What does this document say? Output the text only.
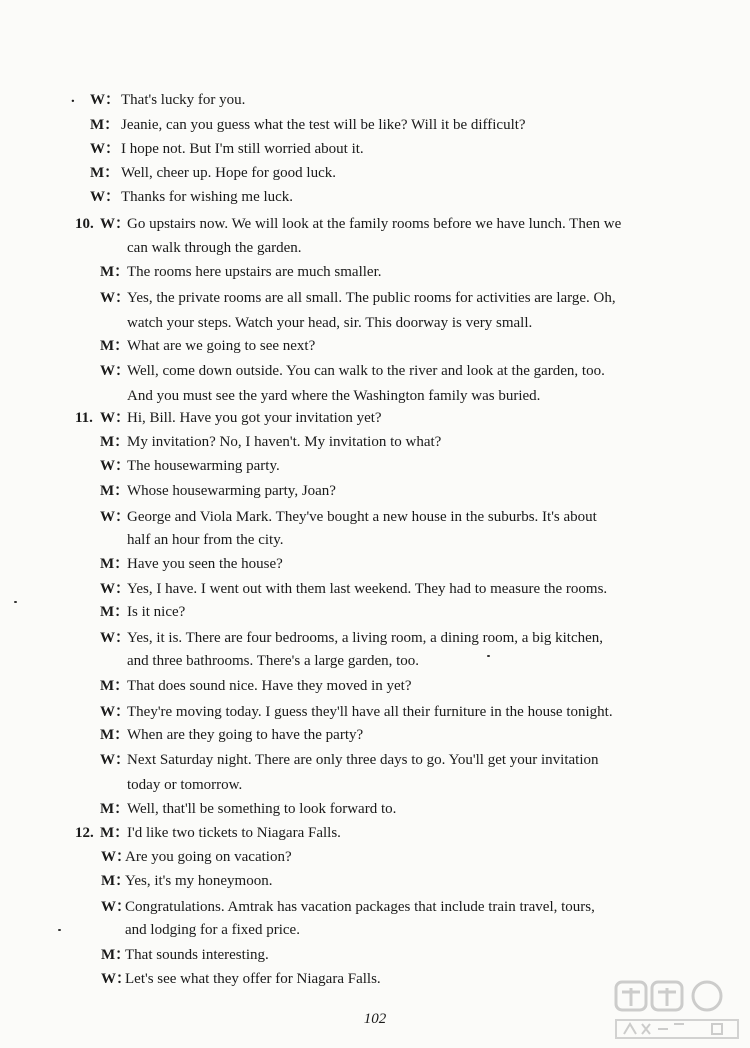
. W： That's lucky for you.
M： Jeanie, can you guess what the test will be like? Will it be difficult?
W： I hope not. But I'm still worried about it.
M： Well, cheer up. Hope for good luck.
W： Thanks for wishing me luck.
10. W：
Go upstairs now. We will look at the family rooms before we have lunch. Then we
can walk through the garden.
M：
The rooms here upstairs are much smaller.
W：
Yes, the private rooms are all small. The public rooms for activities are large. Oh,
watch your steps. Watch your head, sir. This doorway is very small.
M：
What are we going to see next?
W：
Well, come down outside. You can walk to the river and look at the garden, too.
And you must see the yard where the Washington family was buried.
11. W：
Hi, Bill. Have you got your invitation yet?
M：
My invitation? No, I haven't. My invitation to what?
W：
The housewarming party.
M：
Whose housewarming party, Joan?
W：
George and Viola Mark. They've bought a new house in the suburbs. It's about
half an hour from the city.
M：
Have you seen the house?
W：
Yes, I have. I went out with them last weekend. They had to measure the rooms.
M：
Is it nice?
W：
Yes, it is. There are four bedrooms, a living room, a dining room, a big kitchen,
and three bathrooms. There's a large garden, too.
M：
That does sound nice. Have they moved in yet?
W：
They're moving today. I guess they'll have all their furniture in the house tonight.
M：
When are they going to have the party?
W：
Next Saturday night. There are only three days to go. You'll get your invitation
today or tomorrow.
M：
Well, that'll be something to look forward to.
12. M：
I'd like two tickets to Niagara Falls.
W：
Are you going on vacation?
M：
Yes, it's my honeymoon.
W：
Congratulations. Amtrak has vacation packages that include train travel, tours,
and lodging for a fixed price.
M：
That sounds interesting.
W：
Let's see what they offer for Niagara Falls.
102
